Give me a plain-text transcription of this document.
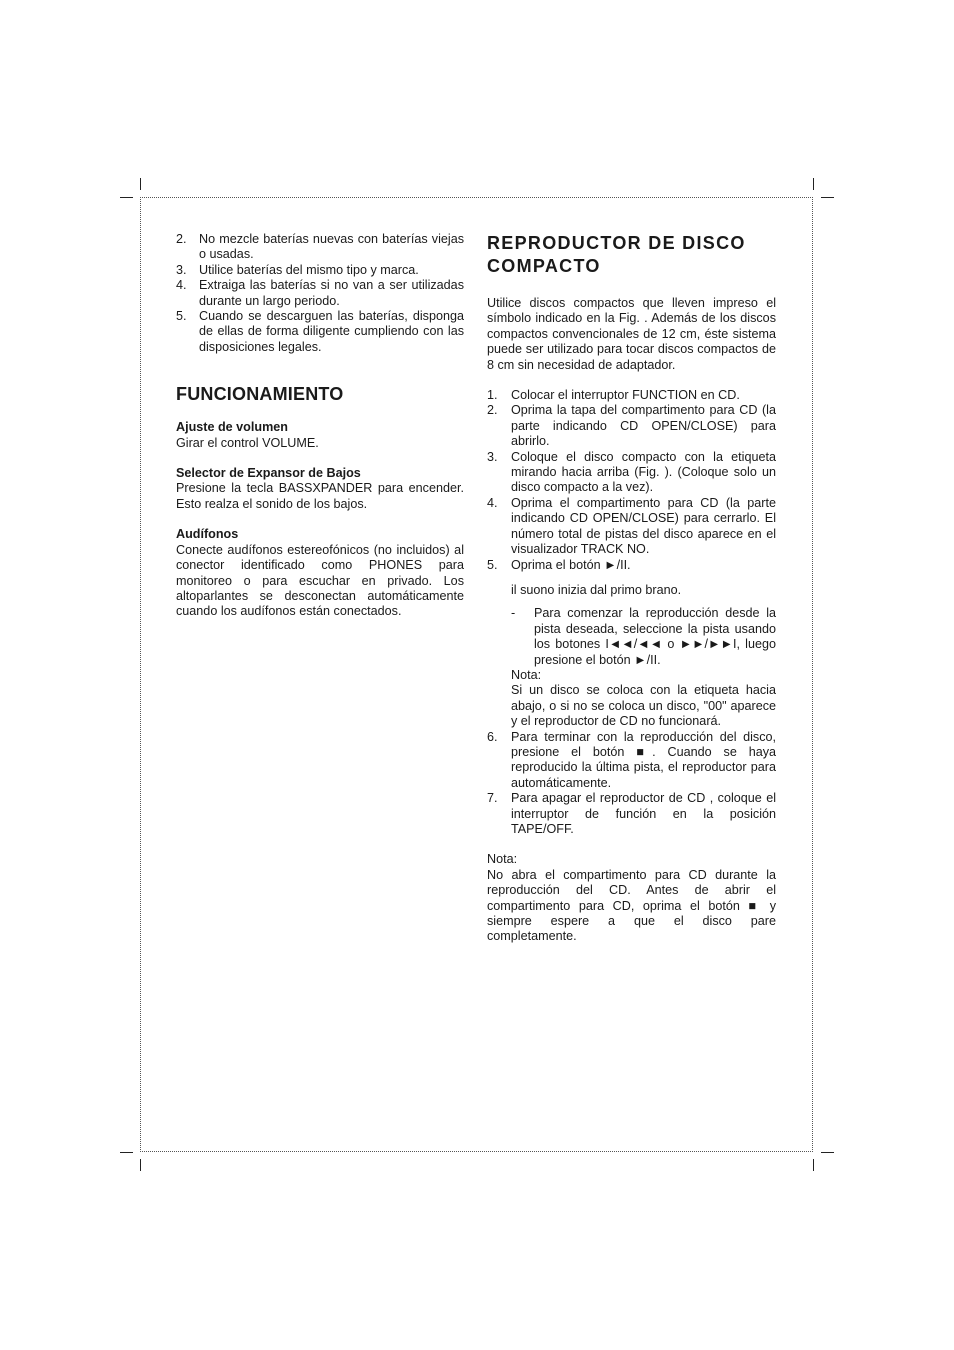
2. No mezcle baterías nuevas con baterías viejas o usadas.
3. Utilice baterías del mismo tipo y marca.
4. Extraiga las baterías si no van a ser utilizadas durante un largo periodo.
5. Cuando se descarguen las baterías, disponga de ellas de forma diligente cumpliendo con las disposiciones legales.
FUNCIONAMIENTO
Ajuste de volumen

Girar el control VOLUME.

Selector de Expansor de Bajos

Presione la tecla BASSXPANDER para encender. Esto realza el sonido de los bajos.

Audífonos

Conecte audífonos estereofónicos (no incluidos) al conector identificado como PHONES para monitoreo o para escuchar en privado. Los altoparlantes se desconectan automáticamente cuando los audífonos están conectados.

REPRODUCTOR DE DISCO
COMPACTO

Utilice discos compactos que lleven impreso el símbolo indicado en la Fig. . Además de los discos compactos convencionales de 12 cm, éste sistema puede ser utilizado para tocar discos compactos de 8 cm sin necesidad de adaptador.

1. Colocar el interruptor FUNCTION en CD.
2. Oprima la tapa del compartimento para CD (la parte indicando CD OPEN/CLOSE) para abrirlo.
3. Coloque el disco compacto con la etiqueta mirando hacia arriba (Fig. ). (Coloque solo un disco compacto a la vez).
4. Oprima el compartimento para CD (la parte indicando CD OPEN/CLOSE) para cerrarlo. El número total de pistas del disco aparece en el visualizador TRACK NO.
5. Oprima el botón ►/II.

il suono inizia dal primo brano.

- Para comenzar la reproducción desde la pista deseada, seleccione la pista usando los botones I◄◄/◄◄ o ►►/►►I, luego presione el botón ►/II.

Nota:

Si un disco se coloca con la etiqueta hacia abajo, o si no se coloca un disco, "00" aparece y el reproductor de CD no funcionará.

6. Para terminar con la reproducción del disco, presione el botón ■. Cuando se haya reproducido la última pista, el reproductor para automáticamente.
7. Para apagar el reproductor de CD , coloque el interruptor de función en la posición TAPE/OFF.

Nota:

No abra el compartimento para CD durante la reproducción del CD. Antes de abrir el compartimento para CD, oprima el botón ■ y siempre espere a que el disco pare completamente.
